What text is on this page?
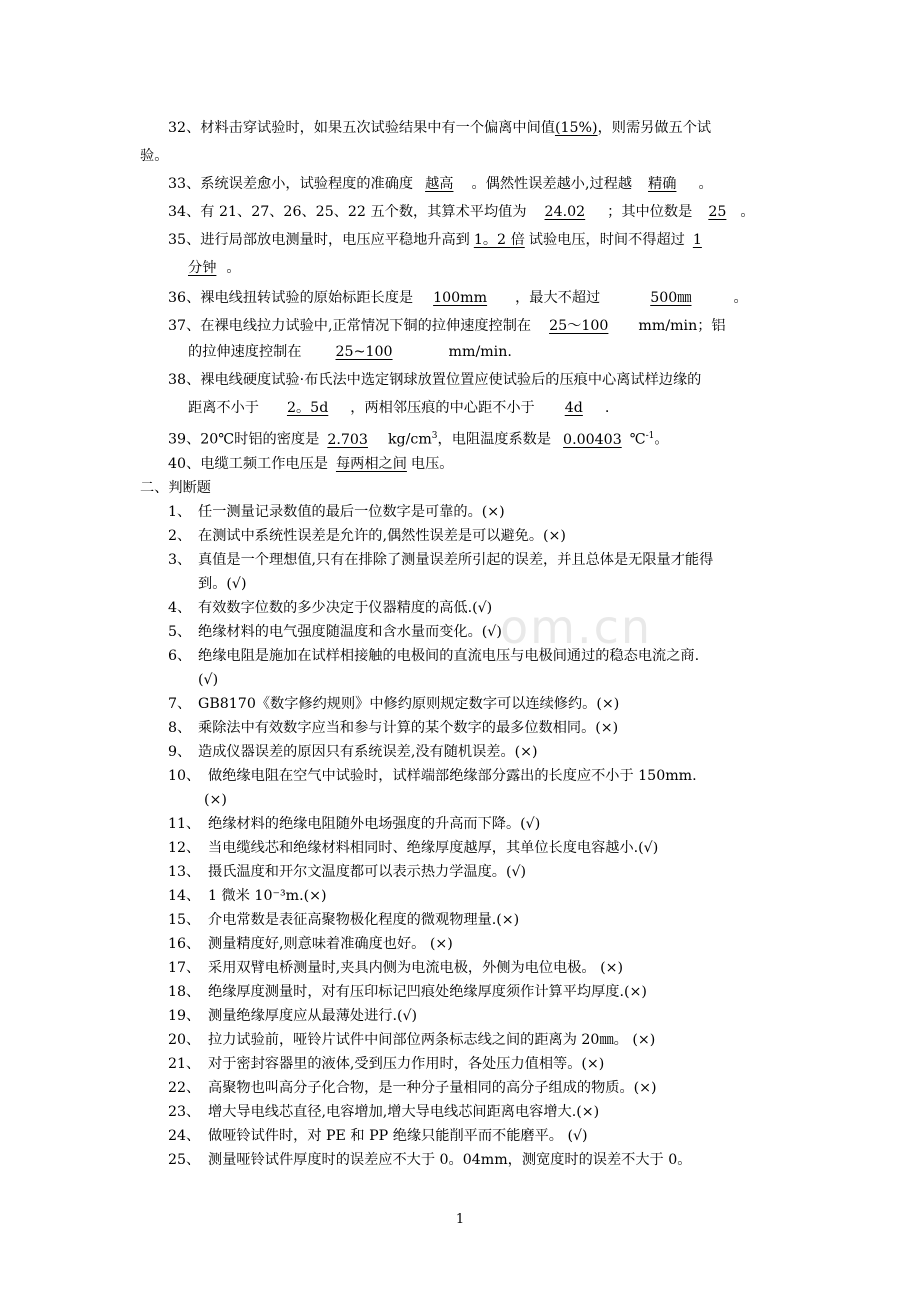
om.cn
32、材料击穿试验时，如果五次试验结果中有一个偏离中间值(15%)，则需另做五个试
验。
33、系统误差愈小，试验程度的准确度 越高 。偶然性误差越小,过程越 精确 。
34、有 21、27、26、25、22 五个数，其算术平均值为 24.02 ；其中位数是 25 。
35、进行局部放电测量时，电压应平稳地升高到 1。2 倍 试验电压，时间不得超过 1
分钟 。
36、裸电线扭转试验的原始标距长度是 100mm ，最大不超过	500㎜	。
37、在裸电线拉力试验中,正常情况下铜的拉伸速度控制在 25～100 mm/min；铝
的拉伸速度控制在 25~100	mm/min.
38、裸电线硬度试验·布氏法中选定钢球放置位置应使试验后的压痕中心离试样边缘的
距离不小于 2。5d ，两相邻压痕的中心距不小于 4d .
39、20℃时铝的密度是 2.703 $kg/cm^3$，电阻温度系数是 0.00403 ℃$^{-1}$。
40、电缆工频工作电压是 每两相之间 电压。
二、判断题
1、 任一测量记录数值的最后一位数字是可靠的。(×)
2、 在测试中系统性误差是允许的,偶然性误差是可以避免。(×)
3、 真值是一个理想值,只有在排除了测量误差所引起的误差，并且总体是无限量才能得
到。(√)
4、 有效数字位数的多少决定于仪器精度的高低.(√)
5、 绝缘材料的电气强度随温度和含水量而变化。(√)
6、 绝缘电阻是施加在试样相接触的电极间的直流电压与电极间通过的稳态电流之商.
(√)
7、 GB8170《数字修约规则》中修约原则规定数字可以连续修约。(×)
8、 乘除法中有效数字应当和参与计算的某个数字的最多位数相同。(×)
9、 造成仪器误差的原因只有系统误差,没有随机误差。(×)
10、 做绝缘电阻在空气中试验时，试样端部绝缘部分露出的长度应不小于 150mm.
(×)
11、 绝缘材料的绝缘电阻随外电场强度的升高而下降。(√)
12、 当电缆线芯和绝缘材料相同时、绝缘厚度越厚，其单位长度电容越小.(√)
13、 摄氏温度和开尔文温度都可以表示热力学温度。(√)
14、 1 微米 10⁻³m.(×)
15、 介电常数是表征高聚物极化程度的微观物理量.(×)
16、 测量精度好,则意味着准确度也好。 (×)
17、 采用双臂电桥测量时,夹具内侧为电流电极，外侧为电位电极。 (×)
18、 绝缘厚度测量时，对有压印标记凹痕处绝缘厚度须作计算平均厚度.(×)
19、 测量绝缘厚度应从最薄处进行.(√)
20、 拉力试验前，哑铃片试件中间部位两条标志线之间的距离为 20㎜。 (×)
21、 对于密封容器里的液体,受到压力作用时，各处压力值相等。(×)
22、 高聚物也叫高分子化合物，是一种分子量相同的高分子组成的物质。(×)
23、 增大导电线芯直径,电容增加,增大导电线芯间距离电容增大.(×)
24、 做哑铃试件时，对 PE 和 PP 绝缘只能削平而不能磨平。 (√)
25、 测量哑铃试件厚度时的误差应不大于 0。04mm，测宽度时的误差不大于 0。
1
